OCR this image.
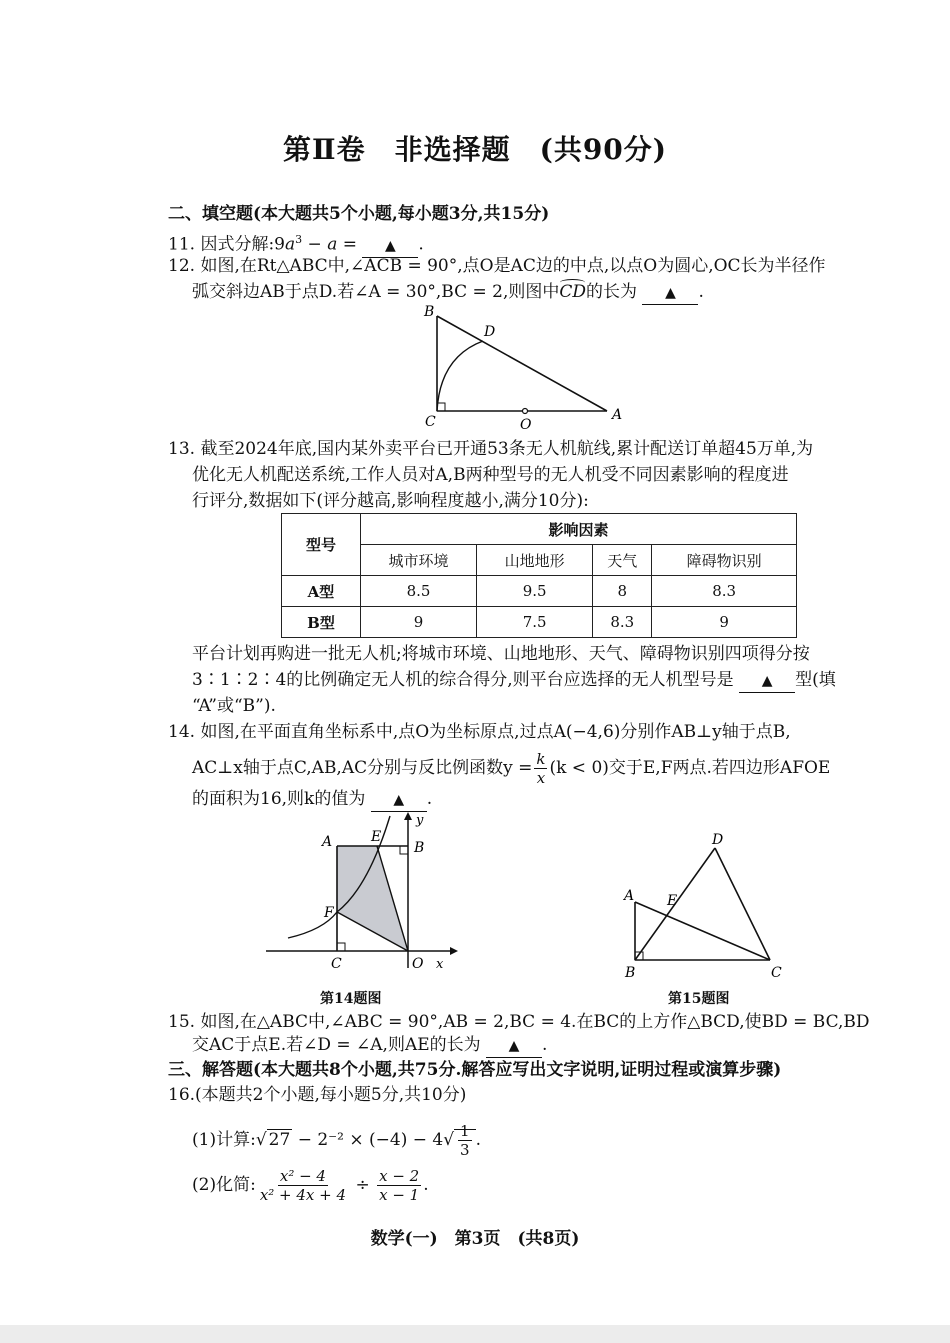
第Ⅱ卷　非选择题　(共90分)
二、填空题(本大题共5个小题,每小题3分,共15分)
11. 因式分解$:9a^3 - a$ = ▲ .
12. 如图,在Rt△ABC中,∠ACB = 90°,点O是AC边的中点,以点O为圆心,OC长为半径作
弧交斜边AB于点D.若∠A = 30°,BC = 2,则图中CD的长为 ▲ .
B
D
C	O
A
13. 截至2024年底,国内某外卖平台已开通53条无人机航线,累计配送订单超45万单,为
优化无人机配送系统,工作人员对A,B两种型号的无人机受不同因素影响的程度进
行评分,数据如下(评分越高,影响程度越小,满分10分):
型号	影响因素			
	城市环境	山地地形	天气	障碍物识别
A型	8.5	9.5	8	8.3
B型	9	7.5	8.3	9
平台计划再购进一批无人机;将城市环境、山地地形、天气、障碍物识别四项得分按
3∶1∶2∶4的比例确定无人机的综合得分,则平台应选择的无人机型号是 ▲ 型(填
“A”或“B”).
14. 如图,在平面直角坐标系中,点O为坐标原点,过点A(−4,6)分别作AB⊥y轴于点B,
AC⊥x轴于点C,AB,AC分别与反比例函数$y = \frac{k}{x} (k < 0)$交于E,F两点.若四边形AFOE
的面积为16,则k的值为 ▲ .
A	E
B
y
F
C	O x
第14题图
D
A E
B	C
第15题图
15. 如图,在△ABC中,∠ABC = 90°,AB = 2,BC = 4.在BC的上方作△BCD,使BD = BC,BD
交AC于点E.若∠D = ∠A,则AE的长为 ▲ .
三、解答题(本大题共8个小题,共75分.解答应写出文字说明,证明过程或演算步骤)
16.(本题共2个小题,每小题5分,共10分)
(1)计算:√ $27 - 2^{-2} \times (-4) - 4√ \frac{1}{3}$ .
(2)化简: $\frac{\text{x² − 4}}{\text{x² + 4x + 4}} \div \frac{x - 2}{x - 1}$ .
数学(一)　第3页　(共8页)
